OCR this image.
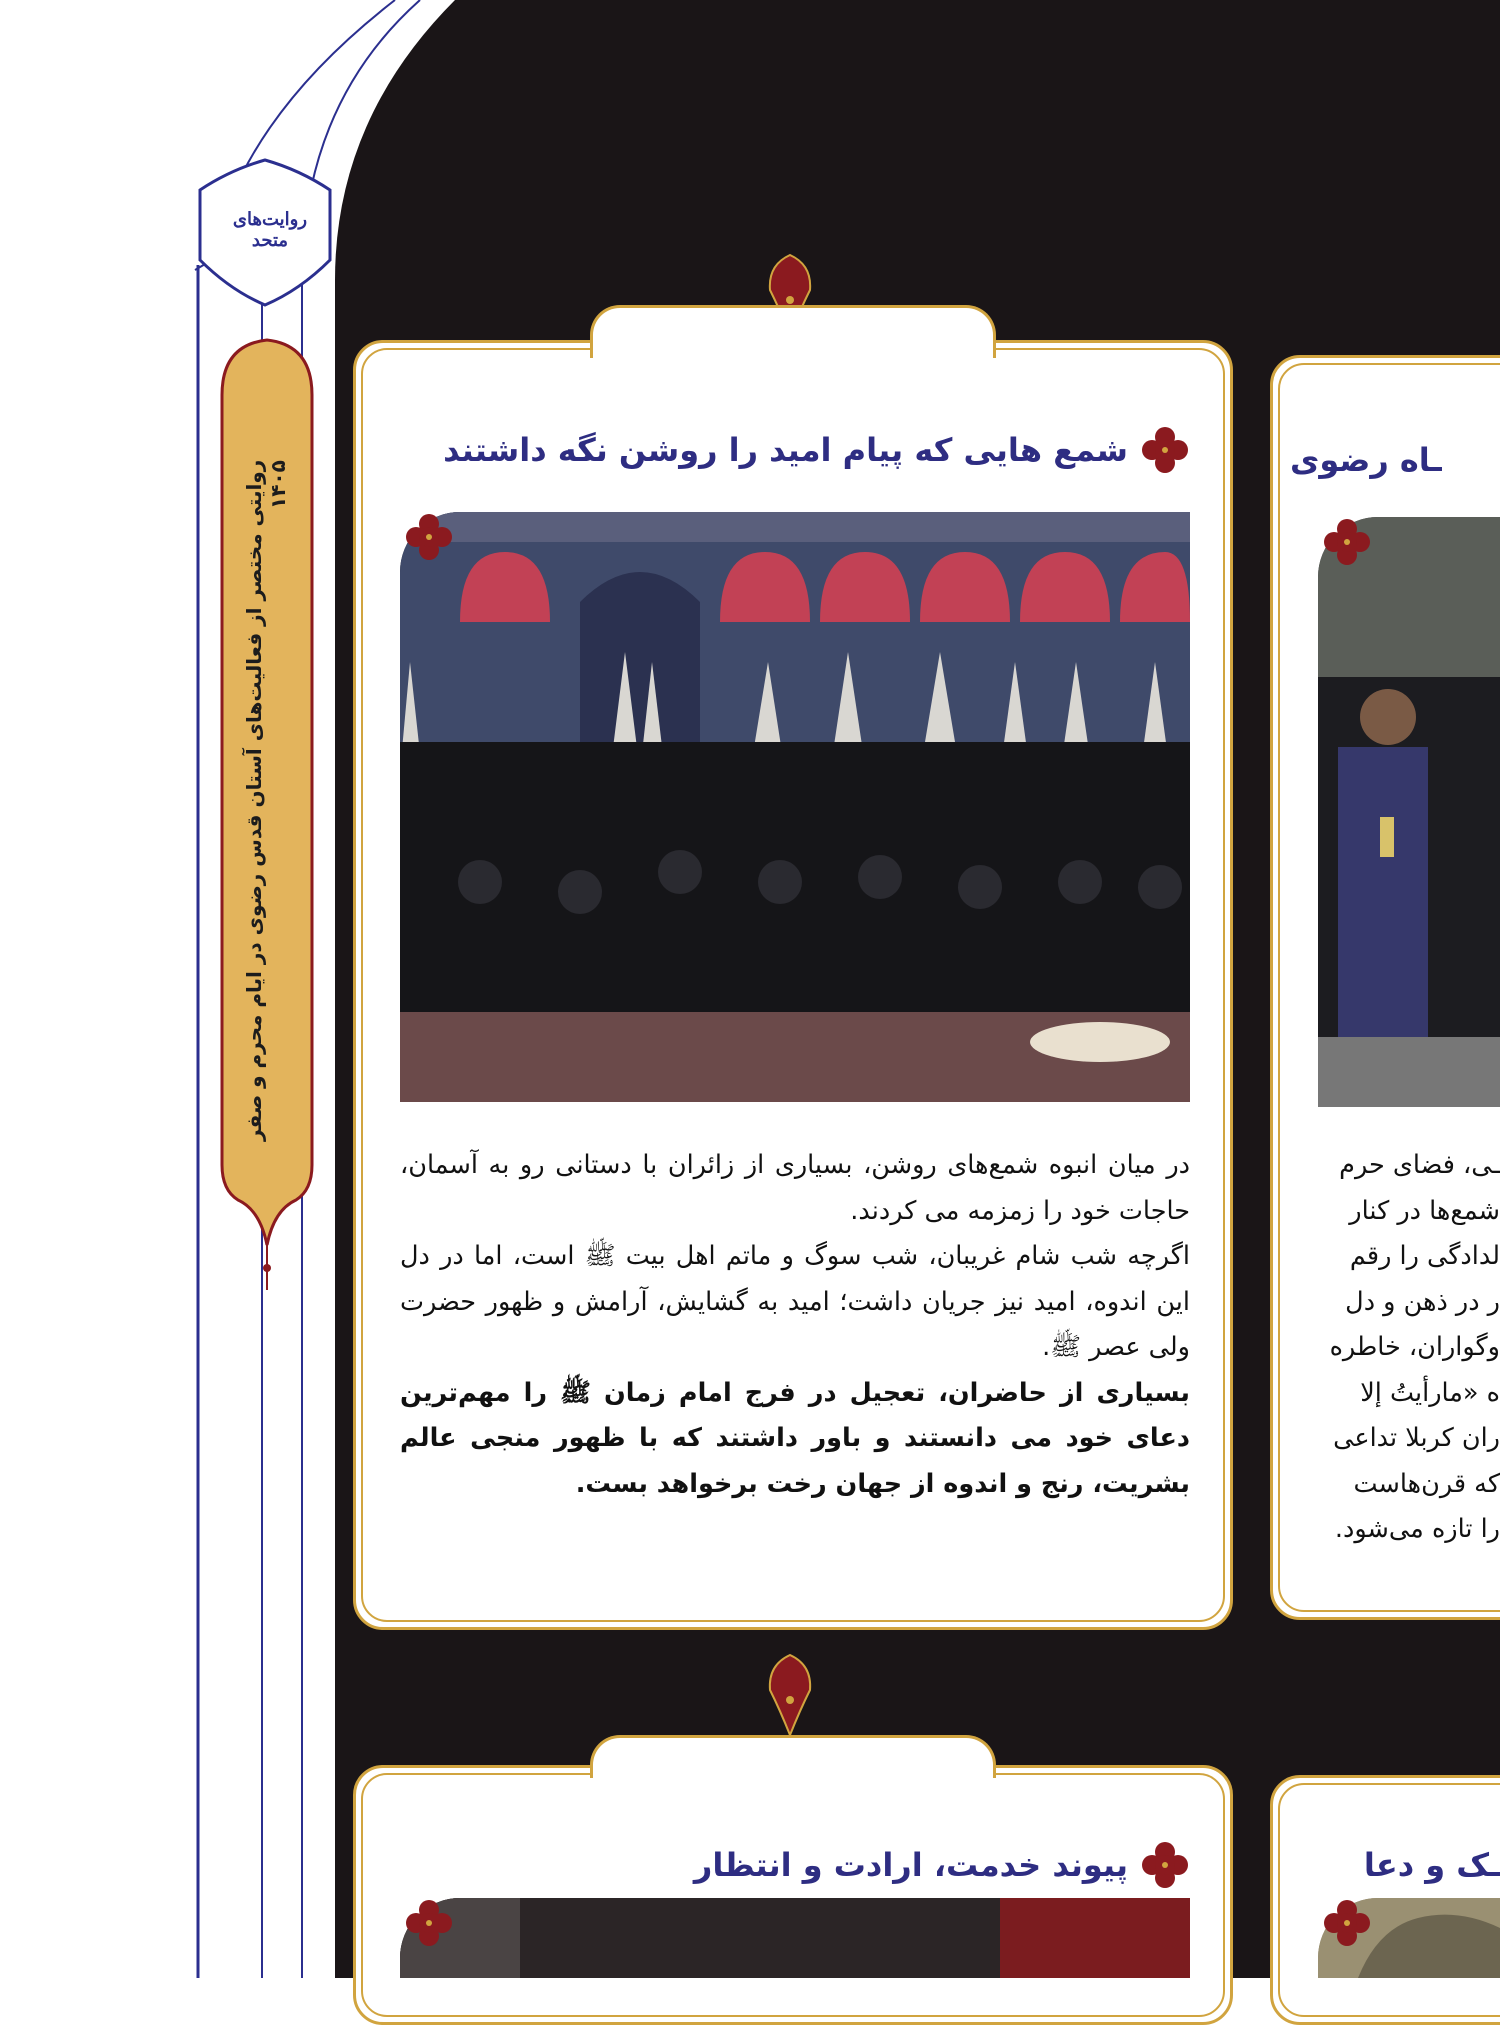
روایت‌های متحد
روایتی مختصر از فعالیت‌های آستان قدس رضوی در ایام محرم و صفر ۱۴۰۵
شمع هایی که پیام امید را روشن نگه داشتند

در میان انبوه شمع‌های روشن، بسیاری از زائران با دستانی رو به آسمان، حاجات خود را زمزمه می کردند.

اگرچه شب شام غریبان، شب سوگ و ماتم اهل بیت ﷺ است، اما در دل این اندوه، امید نیز جریان داشت؛ امید به گشایش، آرامش و ظهور حضرت ولی عصر ﷺ.

بسیاری از حاضران، تعجیل در فرج امام زمان ﷺ را مهم‌ترین دعای خود می دانستند و باور داشتند که با ظهور منجی عالم بشریت، رنج و اندوه از جهان رخت برخواهد بست.

ـاه رضوی
ـی، فضای حرم
شمع‌ها در کنار
لدادگی را رقم
ر در ذهن و دل
وگواران، خاطره
ه «مارأیتُ إلا
ران کربلا تداعی
که قرن‌هاست
را تازه می‌شود.
پیوند خدمت، ارادت و انتظار	ـک و دعا
